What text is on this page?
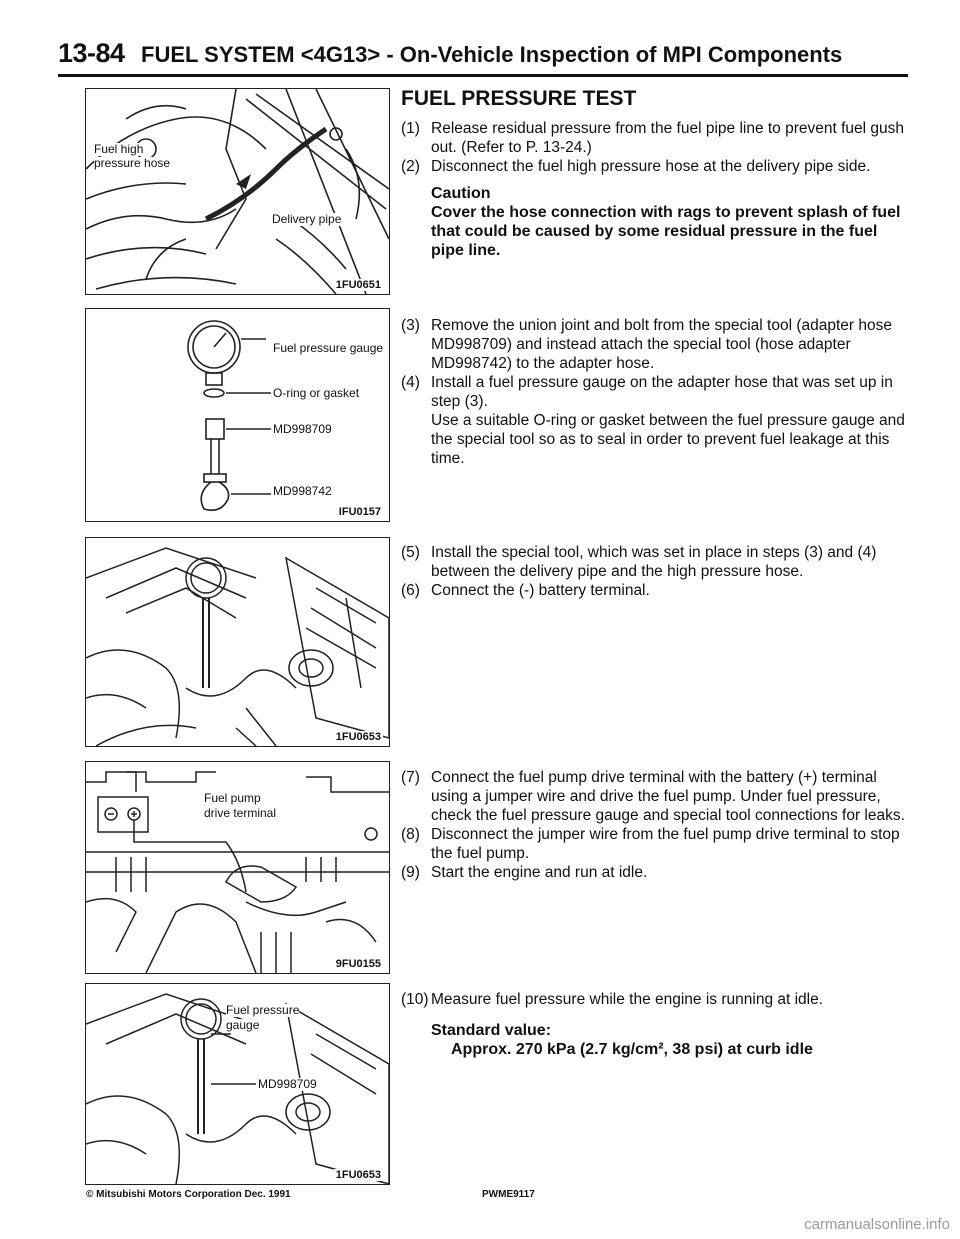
13-84 FUEL SYSTEM <4G13> - On-Vehicle Inspection of MPI Components
Fuel high
pressure hose
Delivery pipe
1FU0651
Fuel pressure gauge
O-ring or gasket
MD998709
MD998742
IFU0157
1FU0653
Fuel pump
drive terminal
9FU0155
Fuel pressure
gauge
MD998709
1FU0653
FUEL PRESSURE TEST
(1) Release residual pressure from the fuel pipe line to prevent fuel gush out. (Refer to P. 13-24.)
(2) Disconnect the fuel high pressure hose at the delivery pipe side.
Caution
Cover the hose connection with rags to prevent splash of fuel that could be caused by some residual pressure in the fuel pipe line.
(3) Remove the union joint and bolt from the special tool (adapter hose MD998709) and instead attach the special tool (hose adapter MD998742) to the adapter hose.
(4) Install a fuel pressure gauge on the adapter hose that was set up in step (3).
Use a suitable O-ring or gasket between the fuel pressure gauge and the special tool so as to seal in order to prevent fuel leakage at this time.
(5) Install the special tool, which was set in place in steps (3) and (4) between the delivery pipe and the high pressure hose.
(6) Connect the (-) battery terminal.
(7) Connect the fuel pump drive terminal with the battery (+) terminal using a jumper wire and drive the fuel pump. Under fuel pressure, check the fuel pressure gauge and special tool connections for leaks.
(8) Disconnect the jumper wire from the fuel pump drive terminal to stop the fuel pump.
(9) Start the engine and run at idle.
(10) Measure fuel pressure while the engine is running at idle.
Standard value:
Approx. 270 kPa (2.7 kg/cm², 38 psi) at curb idle
© Mitsubishi Motors Corporation Dec. 1991	PWME9117
carmanualsonline.info
